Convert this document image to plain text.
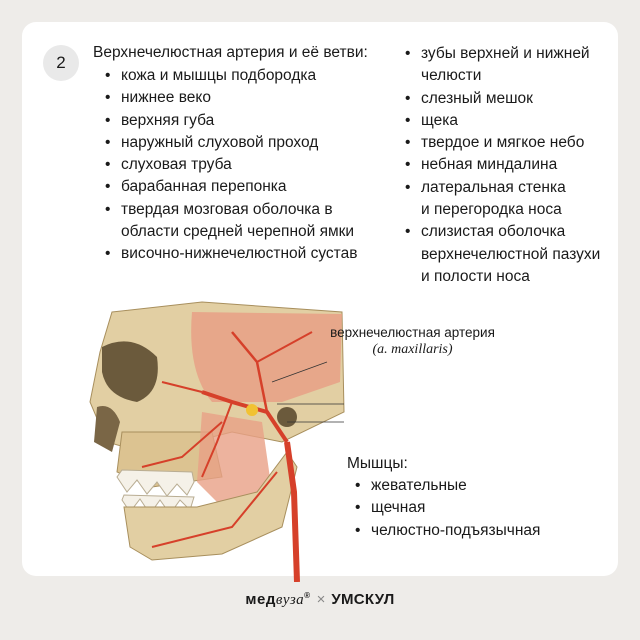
2
Верхнечелюстная артерия и её ветви:
• кожа и мышцы подбородка
• нижнее веко
• верхняя губа
• наружный слуховой проход
• слуховая труба
• барабанная перепонка
• твердая мозговая оболочка в
области средней черепной ямки
• височно-нижнечелюстной сустав
• зубы верхней и нижней
челюсти
• слезный мешок
• щека
• твердое и мягкое небо
• небная миндалина
• латеральная стенка
и перегородка носа
• слизистая оболочка
верхнечелюстной пазухи
и полости носа
верхнечелюстная артерия
(a. maxillaris)
Мышцы:
• жевательные
• щечная
• челюстно-подъязычная
медвуза® × УМСКУЛ
